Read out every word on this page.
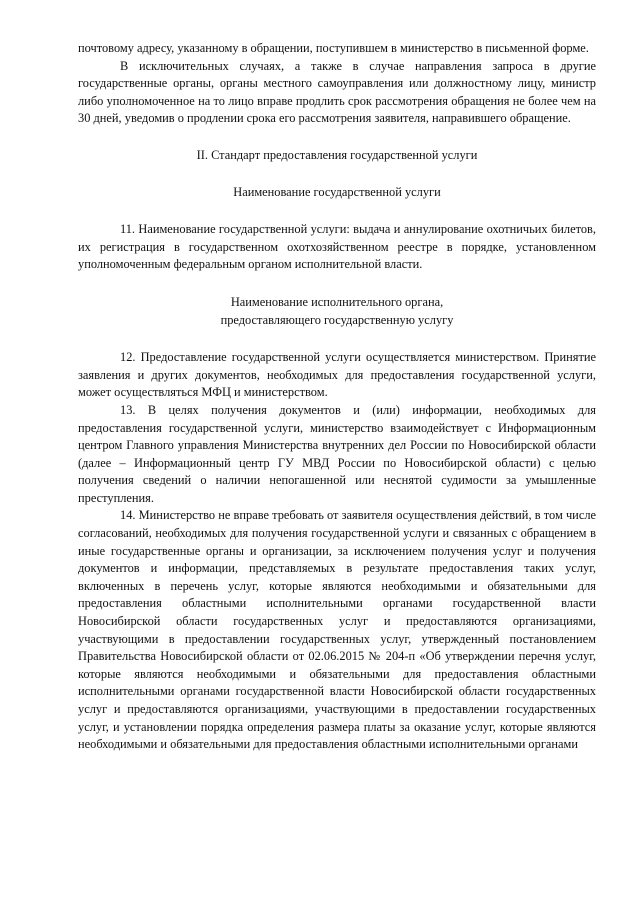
почтовому адресу, указанному в обращении, поступившем в министерство в письменной форме.

В исключительных случаях, а также в случае направления запроса в другие государственные органы, органы местного самоуправления или должностному лицу, министр либо уполномоченное на то лицо вправе продлить срок рассмотрения обращения не более чем на 30 дней, уведомив о продлении срока его рассмотрения заявителя, направившего обращение.

II. Стандарт предоставления государственной услуги
Наименование государственной услуги

11. Наименование государственной услуги: выдача и аннулирование охотничьих билетов, их регистрация в государственном охотхозяйственном реестре в порядке, установленном уполномоченным федеральным органом исполнительной власти.

Наименование исполнительного органа,
предоставляющего государственную услугу

12. Предоставление государственной услуги осуществляется министерством. Принятие заявления и других документов, необходимых для предоставления государственной услуги, может осуществляться МФЦ и министерством.

13. В целях получения документов и (или) информации, необходимых для предоставления государственной услуги, министерство взаимодействует с Информационным центром Главного управления Министерства внутренних дел России по Новосибирской области (далее – Информационный центр ГУ МВД России по Новосибирской области) с целью получения сведений о наличии непогашенной или неснятой судимости за умышленные преступления.

14. Министерство не вправе требовать от заявителя осуществления действий, в том числе согласований, необходимых для получения государственной услуги и связанных с обращением в иные государственные органы и организации, за исключением получения услуг и получения документов и информации, представляемых в результате предоставления таких услуг, включенных в перечень услуг, которые являются необходимыми и обязательными для предоставления областными исполнительными органами государственной власти Новосибирской области государственных услуг и предоставляются организациями, участвующими в предоставлении государственных услуг, утвержденный постановлением Правительства Новосибирской области от 02.06.2015 № 204-п «Об утверждении перечня услуг, которые являются необходимыми и обязательными для предоставления областными исполнительными органами государственной власти Новосибирской области государственных услуг и предоставляются организациями, участвующими в предоставлении государственных услуг, и установлении порядка определения размера платы за оказание услуг, которые являются необходимыми и обязательными для предоставления областными исполнительными органами
